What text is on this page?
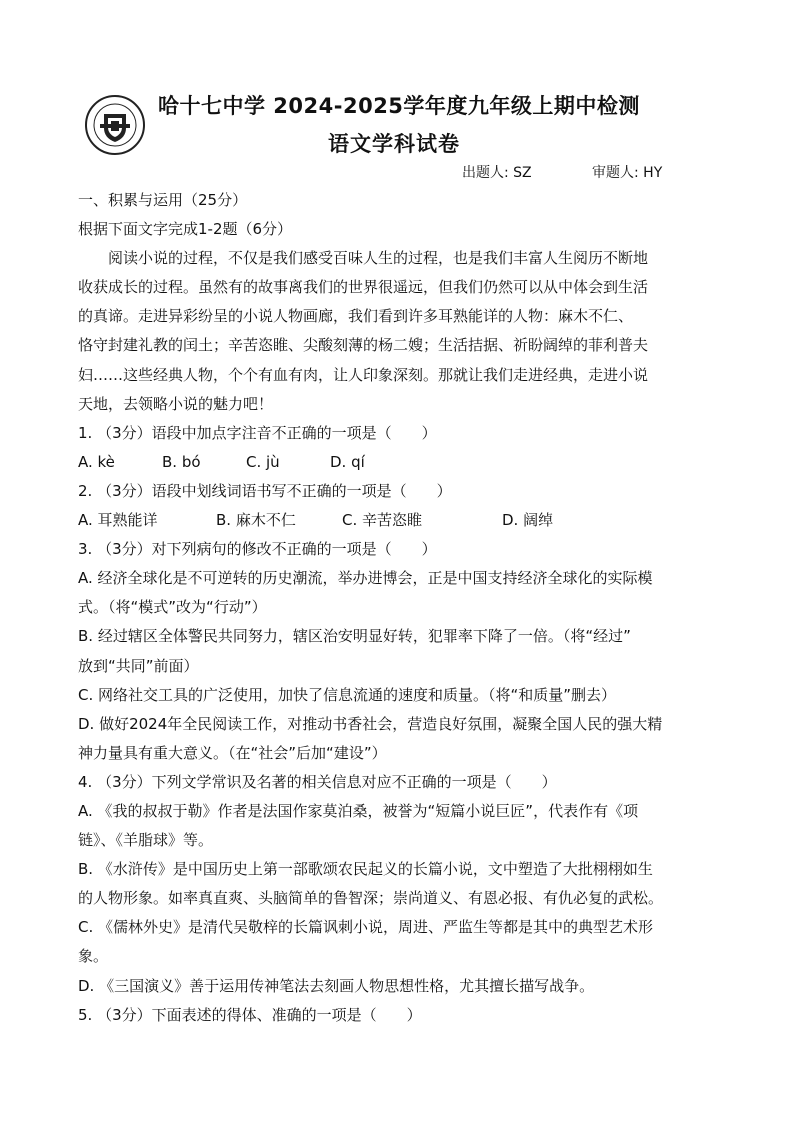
哈十七中学 2024-2025学年度九年级上期中检测
语文学科试卷
出题人: SZ	审题人: HY
一、积累与运用（25分）
根据下面文字完成1-2题（6分）
阅读小说的过程，不仅是我们感受百味人生的过程，也是我们丰富人生阅历不断地
收获成长的过程。虽然有的故事离我们的世界很遥远，但我们仍然可以从中体会到生活
的真谛。走进异彩纷呈的小说人物画廊，我们看到许多耳熟能详的人物：麻木不仁、
恪守封建礼教的闰土；辛苦恣睢、尖酸刻薄的杨二嫂；生活拮据、祈盼阔绰的菲利普夫
妇……这些经典人物，个个有血有肉，让人印象深刻。那就让我们走进经典，走进小说
天地，去领略小说的魅力吧！
1. （3分）语段中加点字注音不正确的一项是（　　）
A. kè	B. bó	C. jù	D. qí
2. （3分）语段中划线词语书写不正确的一项是（　　）
A. 耳熟能详	B. 麻木不仁	C. 辛苦恣睢	D. 阔绰
3. （3分）对下列病句的修改不正确的一项是（　　）
A. 经济全球化是不可逆转的历史潮流，举办进博会，正是中国支持经济全球化的实际模
式。（将“模式”改为“行动”）
B. 经过辖区全体警民共同努力，辖区治安明显好转，犯罪率下降了一倍。（将“经过”
放到“共同”前面）
C. 网络社交工具的广泛使用，加快了信息流通的速度和质量。（将“和质量”删去）
D. 做好2024年全民阅读工作，对推动书香社会，营造良好氛围，凝聚全国人民的强大精
神力量具有重大意义。（在“社会”后加“建设”）
4. （3分）下列文学常识及名著的相关信息对应不正确的一项是（　　）
A. 《我的叔叔于勒》作者是法国作家莫泊桑，被誉为“短篇小说巨匠”，代表作有《项
链》、《羊脂球》等。
B. 《水浒传》是中国历史上第一部歌颂农民起义的长篇小说，文中塑造了大批栩栩如生
的人物形象。如率真直爽、头脑简单的鲁智深；崇尚道义、有恩必报、有仇必复的武松。
C. 《儒林外史》是清代吴敬梓的长篇讽刺小说，周进、严监生等都是其中的典型艺术形
象。
D. 《三国演义》善于运用传神笔法去刻画人物思想性格，尤其擅长描写战争。
5. （3分）下面表述的得体、准确的一项是（　　）
